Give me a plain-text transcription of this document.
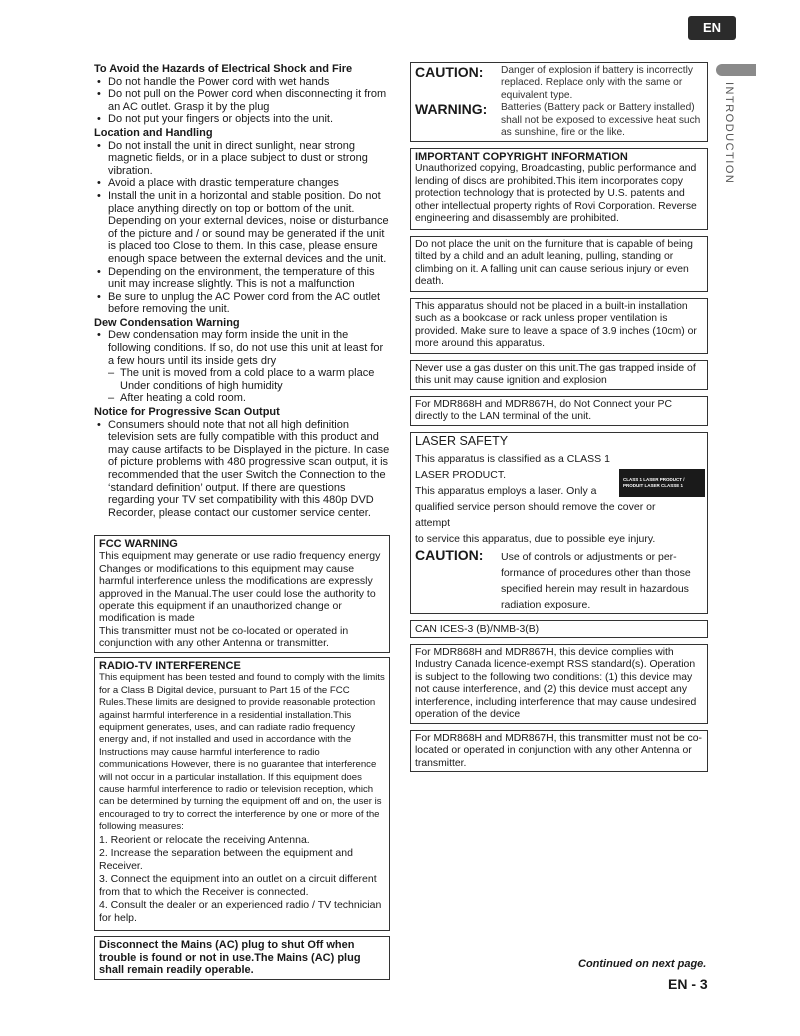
EN
INTRODUCTION
To Avoid the Hazards of Electrical Shock and Fire
• Do not handle the Power cord with wet hands
• Do not pull on the Power cord when disconnecting it from an AC outlet. Grasp it by the plug
• Do not put your fingers or objects into the unit.
Location and Handling
• Do not install the unit in direct sunlight, near strong magnetic fields, or in a place subject to dust or strong vibration.
• Avoid a place with drastic temperature changes
• Install the unit in a horizontal and stable position. Do not place anything directly on top or bottom of the unit. Depending on your external devices, noise or disturbance of the picture and / or sound may be generated if the unit is placed too Close to them. In this case, please ensure enough space between the external devices and the unit.
• Depending on the environment, the temperature of this unit may increase slightly. This is not a malfunction
• Be sure to unplug the AC Power cord from the AC outlet before removing the unit.
Dew Condensation Warning
• Dew condensation may form inside the unit in the following conditions. If so, do not use this unit at least for a few hours until its inside gets dry
– The unit is moved from a cold place to a warm place Under conditions of high humidity
– After heating a cold room.
Notice for Progressive Scan Output
• Consumers should note that not all high definition television sets are fully compatible with this product and may cause artifacts to be Displayed in the picture. In case of picture problems with 480 progressive scan output, it is recommended that the user Switch the Connection to the ‘standard definition’ output. If there are questions regarding your TV set compatibility with this 480p DVD Recorder, please contact our customer service center.
FCC WARNING
This equipment may generate or use radio frequency energy Changes or modifications to this equipment may cause harmful interference unless the modifications are expressly approved in the Manual.The user could lose the authority to operate this equipment if an unauthorized change or modification is made
This transmitter must not be co-located or operated in conjunction with any other Antenna or transmitter.
RADIO-TV INTERFERENCE
This equipment has been tested and found to comply with the limits for a Class B Digital device, pursuant to Part 15 of the FCC Rules.These limits are designed to provide reasonable protection against harmful interference in a residential installation.This equipment generates, uses, and can radiate radio frequency energy and, if not installed and used in accordance with the Instructions may cause harmful interference to radio communications However, there is no guarantee that interference will not occur in a particular installation. If this equipment does cause harmful interference to radio or television reception, which can be determined by turning the equipment off and on, the user is encouraged to try to correct the interference by one or more of the following measures:
1. Reorient or relocate the receiving Antenna.
2. Increase the separation between the equipment and Receiver.
3. Connect the equipment into an outlet on a circuit different from that to which the Receiver is connected.
4. Consult the dealer or an experienced radio / TV technician for help.
Disconnect the Mains (AC) plug to shut Off when trouble is found or not in use.The Mains (AC) plug shall remain readily operable.
CAUTION:	Danger of explosion if battery is incorrectly replaced. Replace only with the same or equivalent type.
WARNING:	Batteries (Battery pack or Battery installed) shall not be exposed to excessive heat such as sunshine, fire or the like.
IMPORTANT COPYRIGHT INFORMATION
Unauthorized copying, Broadcasting, public performance and lending of discs are prohibited.This item incorporates copy protection technology that is protected by U.S. patents and other intellectual property rights of Rovi Corporation. Reverse engineering and disassembly are prohibited.
Do not place the unit on the furniture that is capable of being tilted by a child and an adult leaning, pulling, standing or climbing on it. A falling unit can cause serious injury or even death.
This apparatus should not be placed in a built-in installation such as a bookcase or rack unless proper ventilation is provided. Make sure to leave a space of 3.9 inches (10cm) or more around this apparatus.
Never use a gas duster on this unit.The gas trapped inside of this unit may cause ignition and explosion
For MDR868H and MDR867H, do Not Connect your PC directly to the LAN terminal of the unit.
LASER SAFETY
This apparatus is classified as a CLASS 1
LASER PRODUCT.
This apparatus employs a laser. Only a
qualified service person should remove the cover or
attempt
to service this apparatus, due to possible eye injury.
CLASS 1 LASER PRODUCT / PRODUIT LASER CLASSE 1
CAUTION:	Use of controls or adjustments or per-formance of procedures other than those specified herein may result in hazardous radiation exposure.
CAN ICES-3 (B)/NMB-3(B)
For MDR868H and MDR867H, this device complies with Industry Canada licence-exempt RSS standard(s). Operation is subject to the following two conditions: (1) this device may not cause interference, and (2) this device must accept any interference, including interference that may cause undesired operation of the device
For MDR868H and MDR867H, this transmitter must not be co-located or operated in conjunction with any other Antenna or transmitter.
Continued on next page.
EN - 3
